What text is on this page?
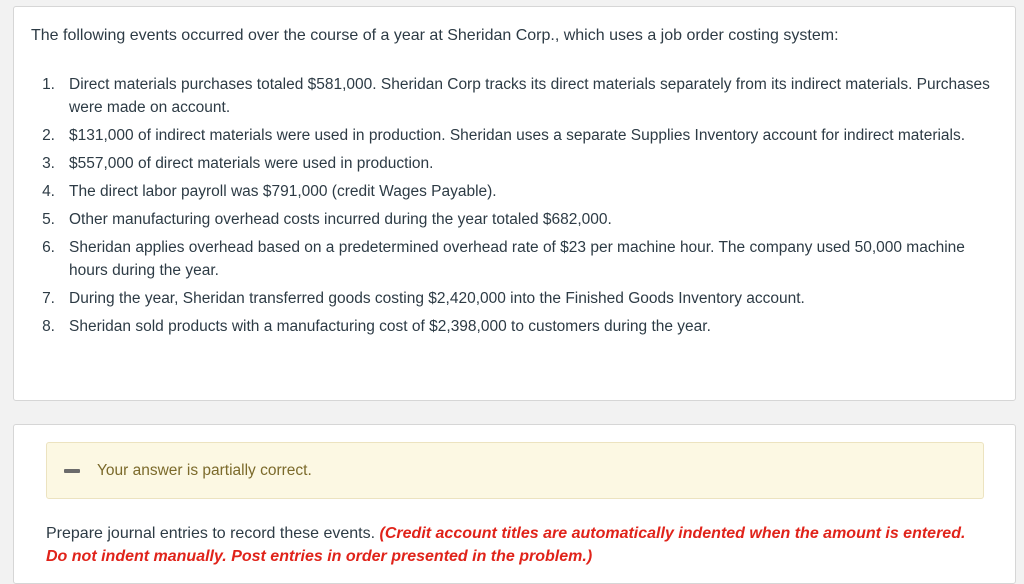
The following events occurred over the course of a year at Sheridan Corp., which uses a job order costing system:
1. Direct materials purchases totaled $581,000. Sheridan Corp tracks its direct materials separately from its indirect materials. Purchases were made on account.
2. $131,000 of indirect materials were used in production. Sheridan uses a separate Supplies Inventory account for indirect materials.
3. $557,000 of direct materials were used in production.
4. The direct labor payroll was $791,000 (credit Wages Payable).
5. Other manufacturing overhead costs incurred during the year totaled $682,000.
6. Sheridan applies overhead based on a predetermined overhead rate of $23 per machine hour. The company used 50,000 machine hours during the year.
7. During the year, Sheridan transferred goods costing $2,420,000 into the Finished Goods Inventory account.
8. Sheridan sold products with a manufacturing cost of $2,398,000 to customers during the year.
Your answer is partially correct.
Prepare journal entries to record these events. (Credit account titles are automatically indented when the amount is entered. Do not indent manually. Post entries in order presented in the problem.)
